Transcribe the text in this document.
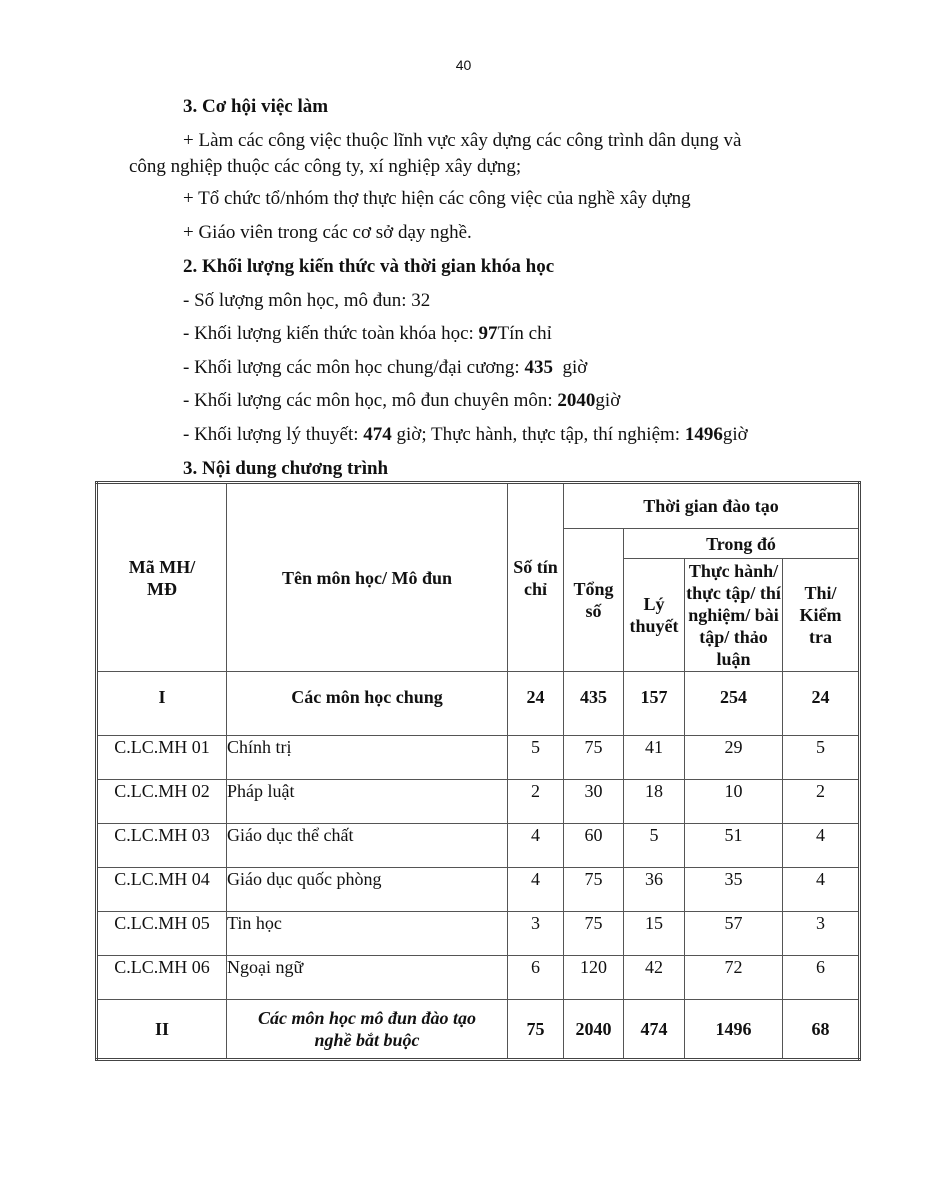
40
3. Cơ hội việc làm
+ Làm các công việc thuộc lĩnh vực xây dựng các công trình dân dụng và
công nghiệp thuộc các công ty, xí nghiệp xây dựng;
+ Tổ chức tổ/nhóm thợ thực hiện các công việc của nghề xây dựng
+ Giáo viên trong các cơ sở dạy nghề.
2. Khối lượng kiến thức và thời gian khóa học
- Số lượng môn học, mô đun: 32
- Khối lượng kiến thức toàn khóa học: 97Tín chỉ
- Khối lượng các môn học chung/đại cương: 435  giờ
- Khối lượng các môn học, mô đun chuyên môn: 2040giờ
- Khối lượng lý thuyết: 474 giờ; Thực hành, thực tập, thí nghiệm: 1496giờ
3. Nội dung chương trình
Mã MH/ MĐ	Tên môn học/ Mô đun	Số tín chỉ	Thời gian đào tạo			
			Tổng số	Trong đó		
				Lý thuyết	Thực hành/ thực tập/ thí nghiệm/ bài tập/ thảo luận	Thi/ Kiểm tra
I	Các môn học chung	24	435	157	254	24
C.LC.MH 01	Chính trị	5	75	41	29	5
C.LC.MH 02	Pháp luật	2	30	18	10	2
C.LC.MH 03	Giáo dục thể chất	4	60	5	51	4
C.LC.MH 04	Giáo dục quốc phòng	4	75	36	35	4
C.LC.MH 05	Tin học	3	75	15	57	3
C.LC.MH 06	Ngoại ngữ	6	120	42	72	6
II	Các môn học mô đun đào tạo nghề bắt buộc	75	2040	474	1496	68
